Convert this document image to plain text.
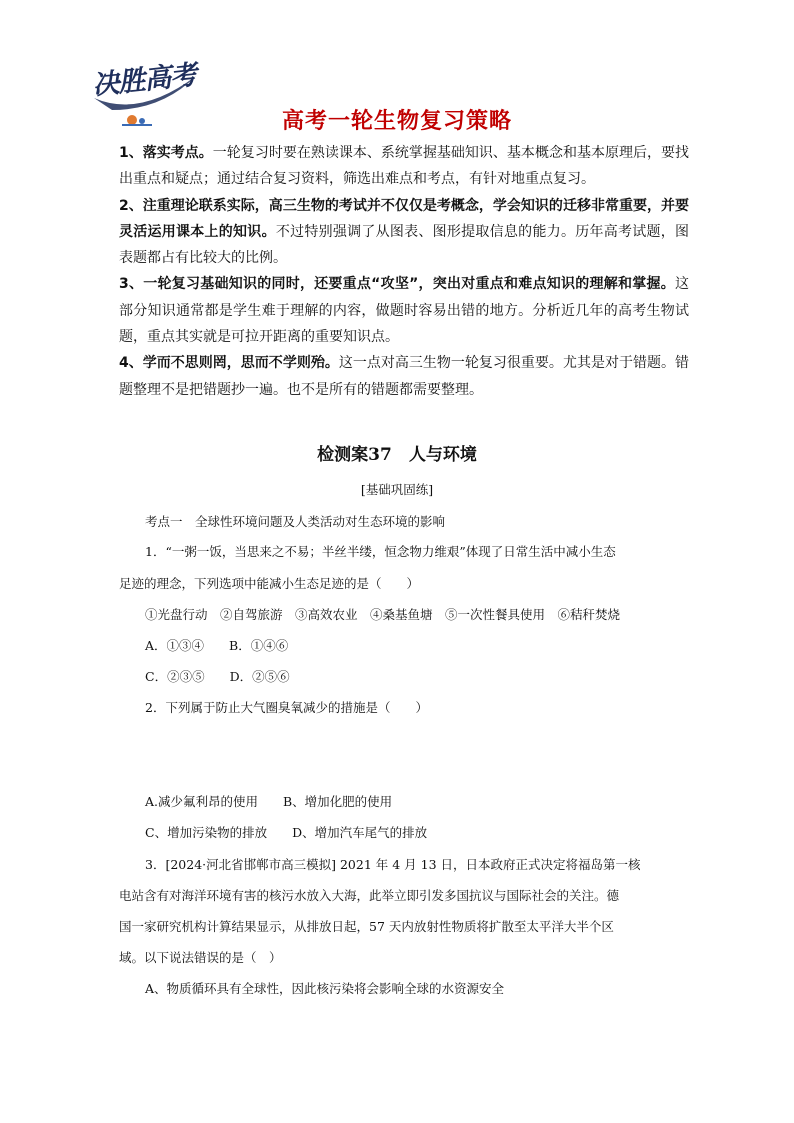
决胜高考
高考一轮生物复习策略

1、落实考点。一轮复习时要在熟读课本、系统掌握基础知识、基本概念和基本原理后，要找出重点和疑点；通过结合复习资料，筛选出难点和考点，有针对地重点复习。

2、注重理论联系实际，高三生物的考试并不仅仅是考概念，学会知识的迁移非常重要，并要灵活运用课本上的知识。不过特别强调了从图表、图形提取信息的能力。历年高考试题，图表题都占有比较大的比例。

3、一轮复习基础知识的同时，还要重点“攻坚”，突出对重点和难点知识的理解和掌握。这部分知识通常都是学生难于理解的内容，做题时容易出错的地方。分析近几年的高考生物试题，重点其实就是可拉开距离的重要知识点。

4、学而不思则罔，思而不学则殆。这一点对高三生物一轮复习很重要。尤其是对于错题。错题整理不是把错题抄一遍。也不是所有的错题都需要整理。

检测案37　人与环境
[基础巩固练]
考点一　全球性环境问题及人类活动对生态环境的影响
1．“一粥一饭，当思来之不易；半丝半缕，恒念物力维艰”体现了日常生活中减小生态
足迹的理念，下列选项中能减小生态足迹的是（　　）
①光盘行动　②自驾旅游　③高效农业　④桑基鱼塘　⑤一次性餐具使用　⑥秸秆焚烧
A．①③④　　B．①④⑥
C．②③⑤　　D．②⑤⑥
2．下列属于防止大气圈臭氧减少的措施是（　　）
A.减少氟利昂的使用　　B、增加化肥的使用
C、增加污染物的排放　　D、增加汽车尾气的排放
3．[2024·河北省邯郸市高三模拟] 2021 年 4 月 13 日，日本政府正式决定将福岛第一核
电站含有对海洋环境有害的核污水放入大海，此举立即引发多国抗议与国际社会的关注。德
国一家研究机构计算结果显示，从排放日起，57 天内放射性物质将扩散至太平洋大半个区
域。以下说法错误的是（　）
A、物质循环具有全球性，因此核污染将会影响全球的水资源安全
